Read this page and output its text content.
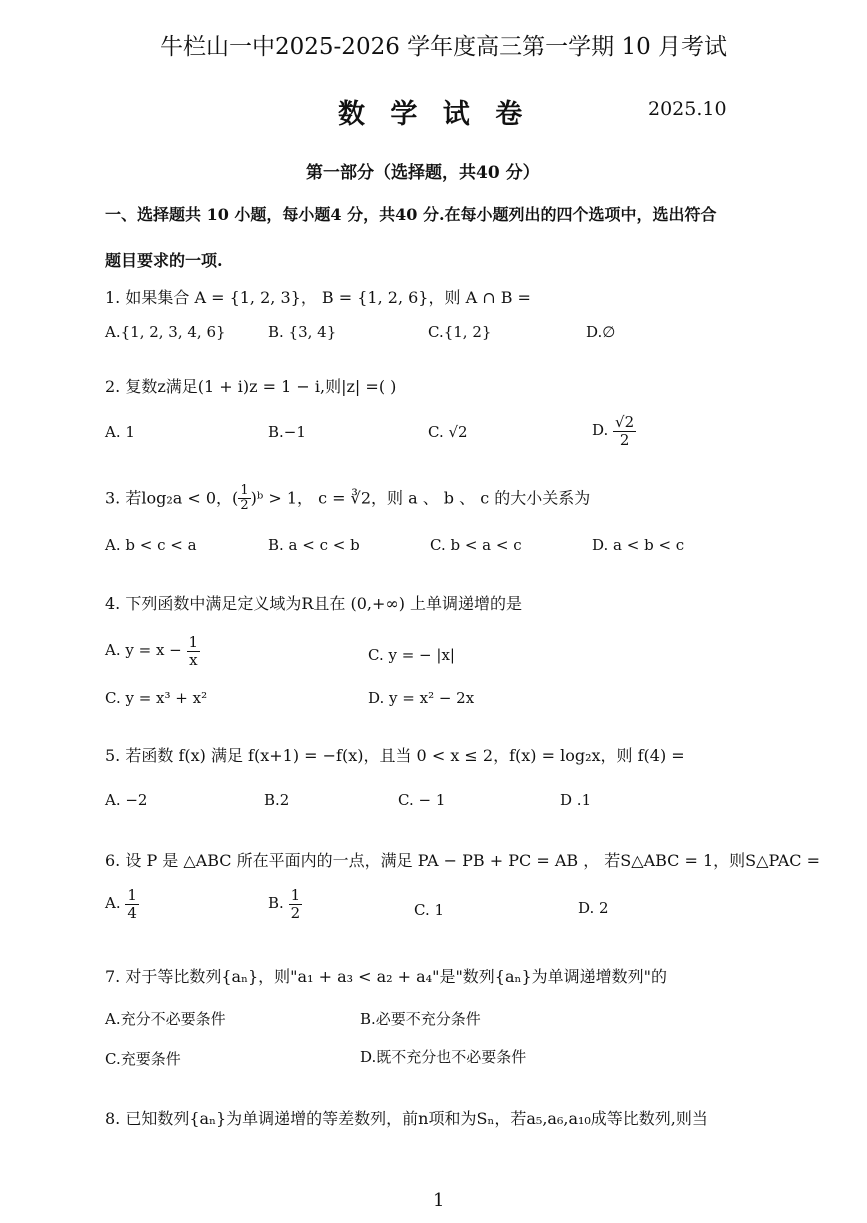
牛栏山一中2025-2026 学年度高三第一学期 10 月考试
数 学 试 卷	2025.10
第一部分（选择题，共40 分）
一、选择题共 10 小题，每小题4 分，共40 分.在每小题列出的四个选项中，选出符合
题目要求的一项.
1. 如果集合 A = {1, 2, 3}， B = {1, 2, 6}，则 A ∩ B =
A.{1, 2, 3, 4, 6}	B. {3, 4}	C.{1, 2}	D.∅
2. 复数z满足(1 + i)z = 1 − i,则|z| =( )
A. 1	B.−1	C. √2	D. $\frac{√2}{2}$
3. 若log₂a < 0，( $\frac{1}{2}$ )ᵇ > 1， c = ∛2，则 a 、 b 、 c 的大小关系为
A. b < c < a	B. a < c < b	C. b < a < c	D. a < b < c
4. 下列函数中满足定义域为R且在 (0,+∞) 上单调递增的是
A. $y = x - \frac{1}{x}$	C. y = − |x|
C. y = x³ + x²	D. y = x² − 2x
5. 若函数 f(x) 满足 f(x+1) = −f(x)，且当 0 < x ≤ 2，f(x) = log₂x，则 f(4) =
A. −2	B.2	C. − 1	D .1
6. 设 P 是 △ABC 所在平面内的一点，满足 PA − PB + PC = AB ， 若S△ABC = 1，则S△PAC =
A. $\frac{1}{4}$	B. $\frac{1}{2}$	C. 1	D. 2
7. 对于等比数列{aₙ}，则"a₁ + a₃ < a₂ + a₄"是"数列{aₙ}为单调递增数列"的
A.充分不必要条件	B.必要不充分条件
C.充要条件	D.既不充分也不必要条件
8. 已知数列{aₙ}为单调递增的等差数列，前n项和为Sₙ，若a₅,a₆,a₁₀成等比数列,则当
1
